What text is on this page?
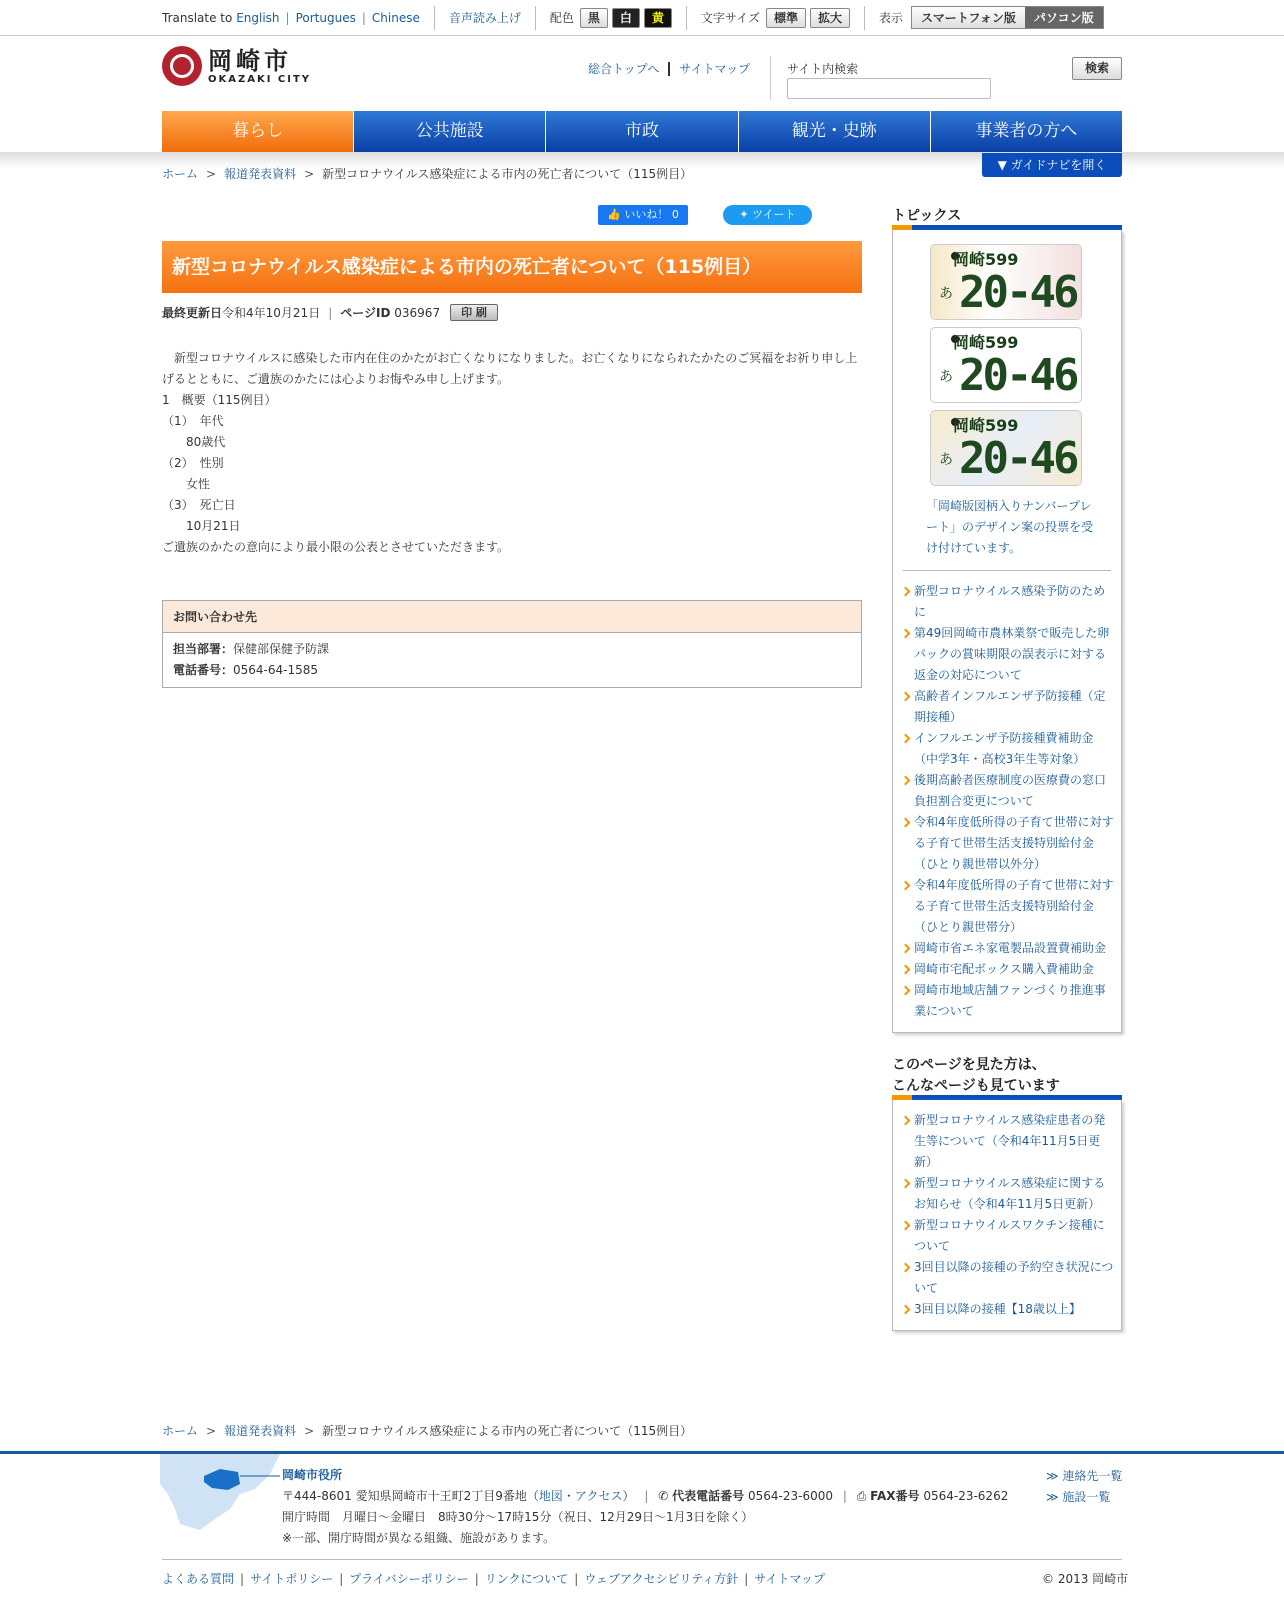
Translate to
English | Portugues | Chinese 音声読み上げ 配色	黒	白	黄	文字サイズ	標準	拡大	表示	スマートフォン版	パソコン版
岡崎市
OKAZAKI CITY
総合トップへ サイトマップ	サイト内検索	検索
暮らし	公共施設	市政	観光・史跡	事業者の方へ
▼ ガイドナビを開く
ホーム > 報道発表資料 > 新型コロナウイルス感染症による市内の死亡者について（115例目）
👍 いいね！ 0	✦ ツイート
新型コロナウイルス感染症による市内の死亡者について（115例目）
最終更新日 令和4年10月21日 | ページID
036967	印 刷

　新型コロナウイルスに感染した市内在住のかたがお亡くなりになりました。お亡くなりになられたかたのご冥福をお祈り申し上げるとともに、ご遺族のかたには心よりお悔やみ申し上げます。

1　概要（115例目）

（1）　年代

　　80歳代

（2）　性別

　　女性

（3）　死亡日

　　10月21日

ご遺族のかたの意向により最小限の公表とさせていただきます。

お問い合わせ先
担当部署：保健部保健予防課
電話番号：0564-64-1585
トピックス
岡崎599
あ 20-46
岡崎599
あ 20-46
岡崎599
あ 20-46
「岡崎版図柄入りナンバープレート」のデザイン案の投票を受け付けています。
新型コロナウイルス感染予防のために
第49回岡崎市農林業祭で販売した卵パックの賞味期限の誤表示に対する返金の対応について
高齢者インフルエンザ予防接種（定期接種）
インフルエンザ予防接種費補助金（中学3年・高校3年生等対象）
後期高齢者医療制度の医療費の窓口負担割合変更について
令和4年度低所得の子育て世帯に対する子育て世帯生活支援特別給付金（ひとり親世帯以外分）
令和4年度低所得の子育て世帯に対する子育て世帯生活支援特別給付金（ひとり親世帯分）
岡崎市省エネ家電製品設置費補助金
岡崎市宅配ボックス購入費補助金
岡崎市地域店舗ファンづくり推進事業について
このページを見た方は、
こんなページも見ています
新型コロナウイルス感染症患者の発生等について（令和4年11月5日更新）
新型コロナウイルス感染症に関するお知らせ（令和4年11月5日更新）
新型コロナウイルスワクチン接種について
3回目以降の接種の予約空き状況について
3回目以降の接種【18歳以上】
ホーム > 報道発表資料 > 新型コロナウイルス感染症による市内の死亡者について（115例目）
岡崎市役所
〒444-8601 愛知県岡崎市十王町2丁目9番地（地図・アクセス） | ✆ 代表電話番号 0564-23-6000 | ⎙ FAX番号 0564-23-6262
開庁時間　月曜日～金曜日　8時30分～17時15分（祝日、12月29日～1月3日を除く）
※一部、開庁時間が異なる組織、施設があります。
≫ 連絡先一覧
≫ 施設一覧
よくある質問 | サイトポリシー | プライバシーポリシー | リンクについて | ウェブアクセシビリティ方針 | サイトマップ	© 2013 岡崎市
